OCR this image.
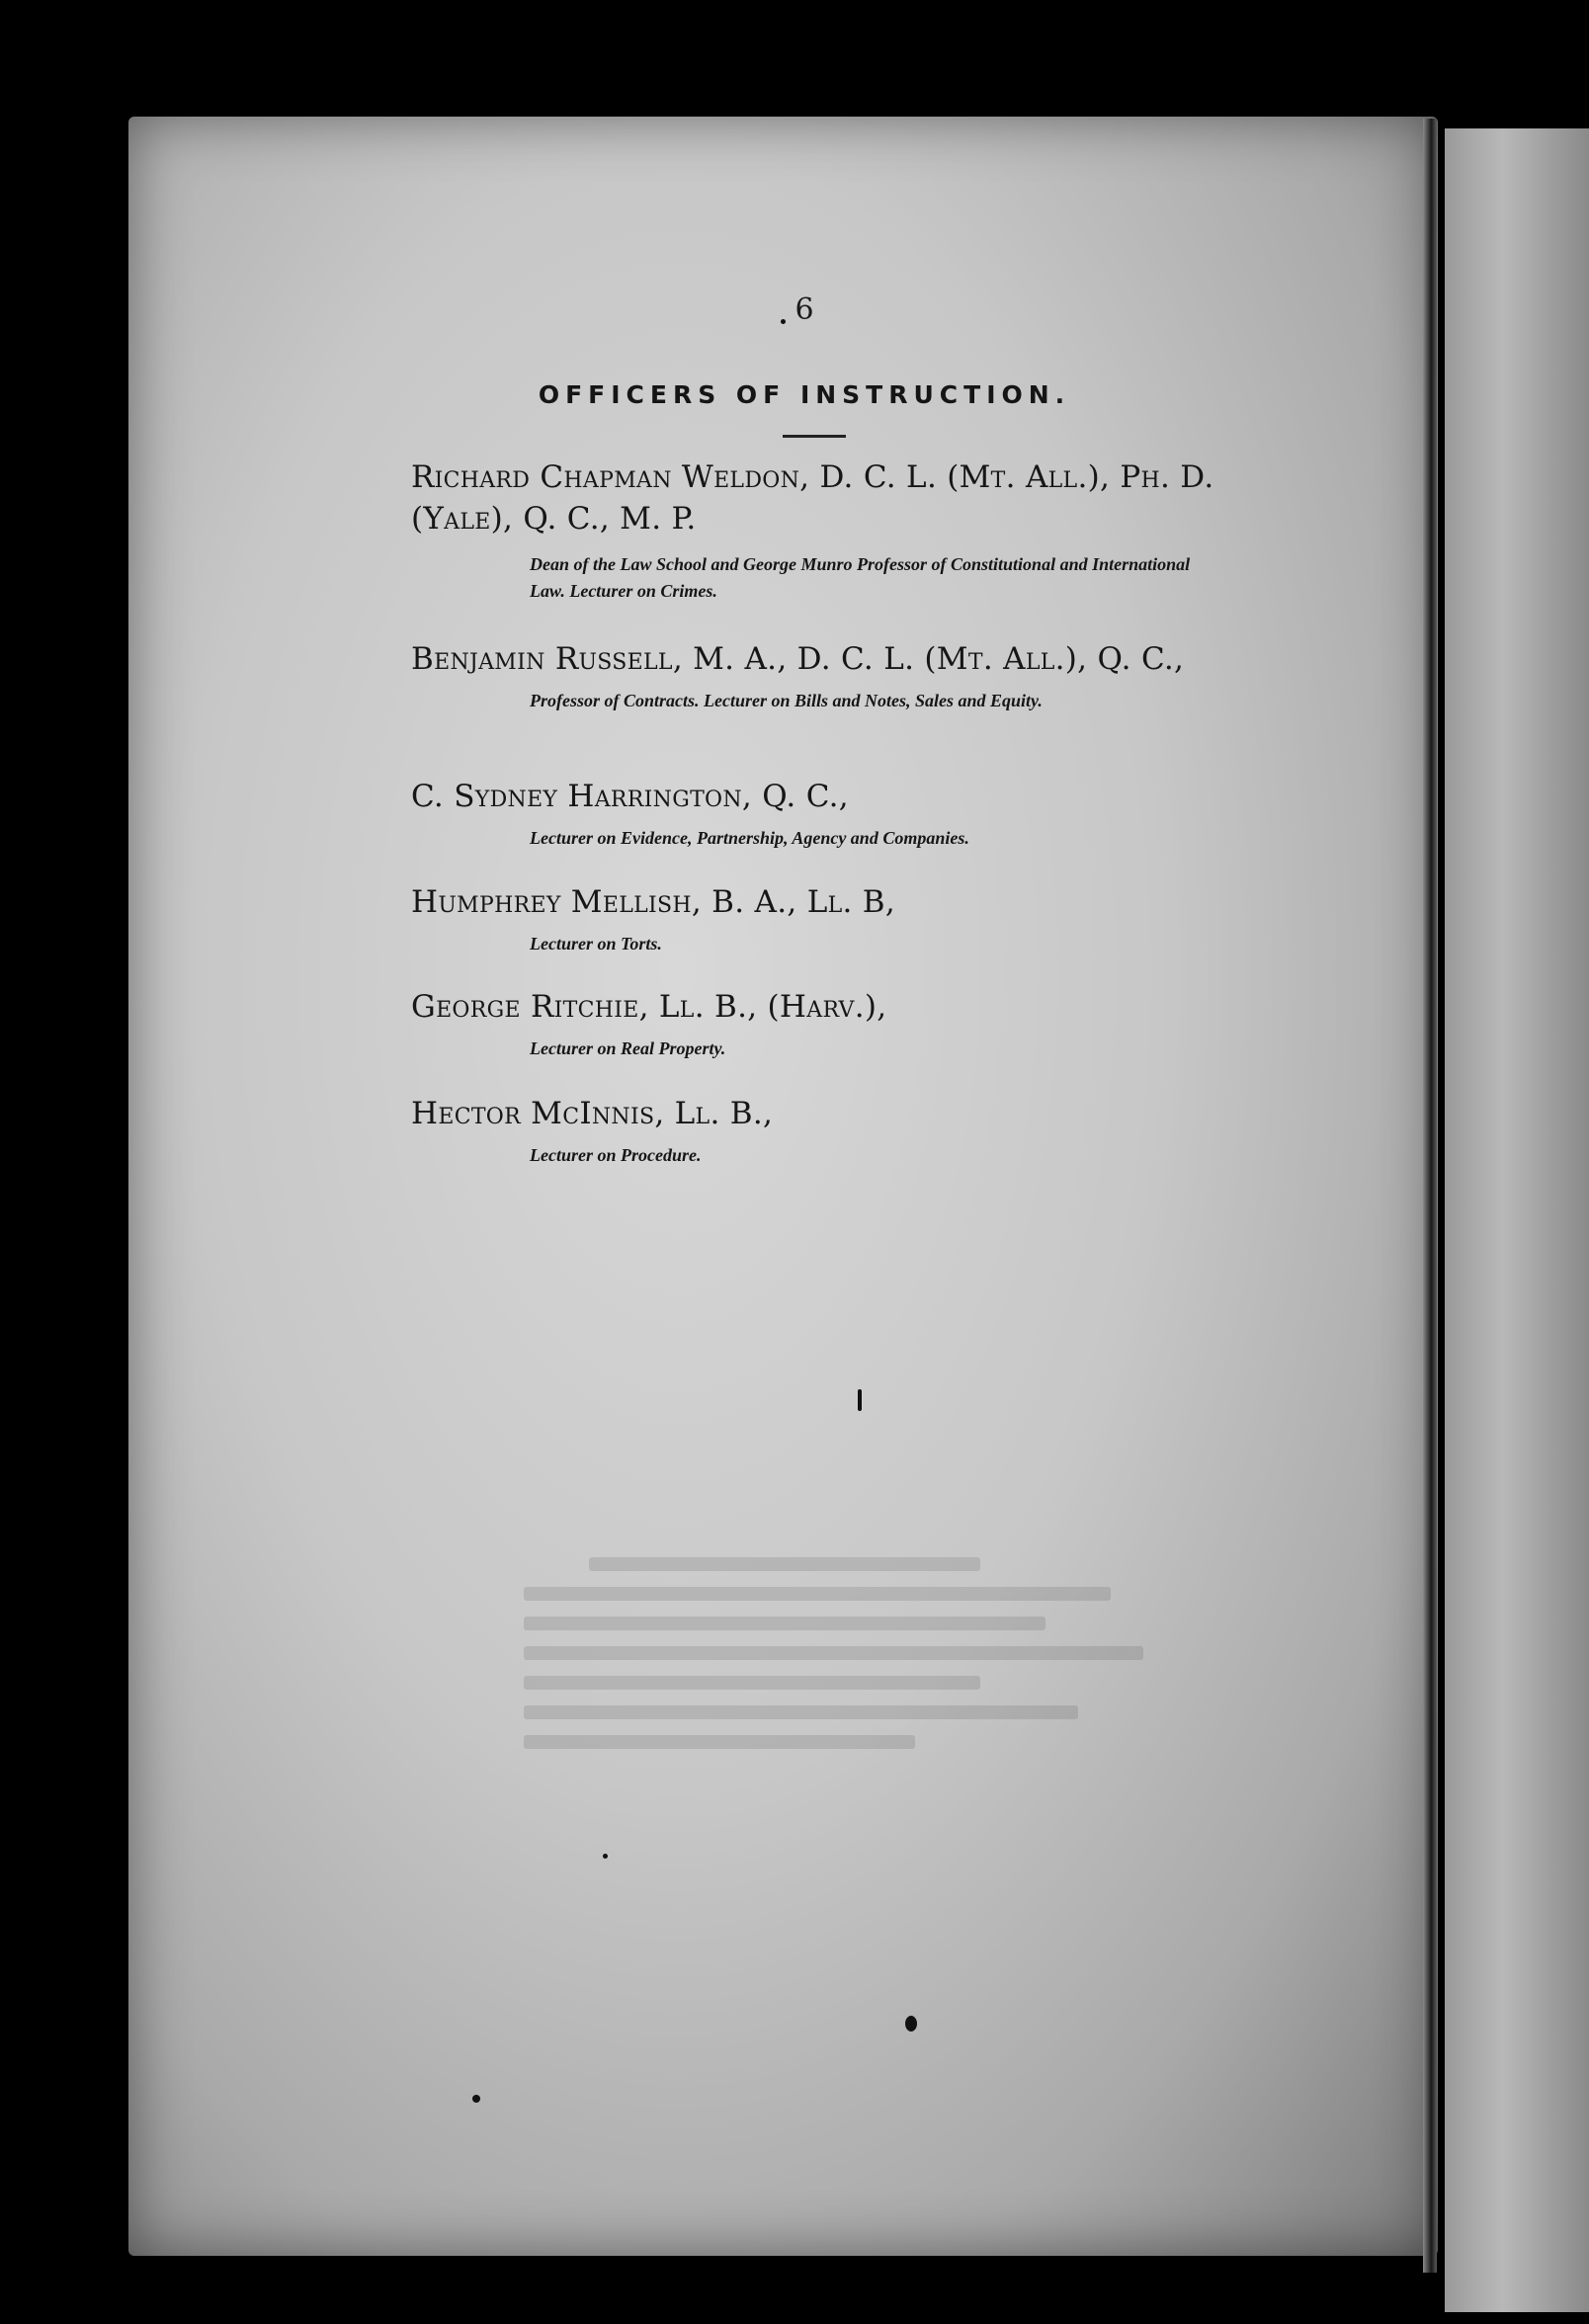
6
OFFICERS OF INSTRUCTION.
Richard Chapman Weldon, D. C. L. (Mt. All.), Ph. D. (Yale), Q. C., M. P.
Dean of the Law School and George Munro Professor of Constitutional and International Law. Lecturer on Crimes.
Benjamin Russell, M. A., D. C. L. (Mt. All.), Q. C.,
Professor of Contracts. Lecturer on Bills and Notes, Sales and Equity.
C. Sydney Harrington, Q. C.,
Lecturer on Evidence, Partnership, Agency and Companies.
Humphrey Mellish, B. A., Ll. B,
Lecturer on Torts.
George Ritchie, Ll. B., (Harv.),
Lecturer on Real Property.
Hector McInnis, Ll. B.,
Lecturer on Procedure.
